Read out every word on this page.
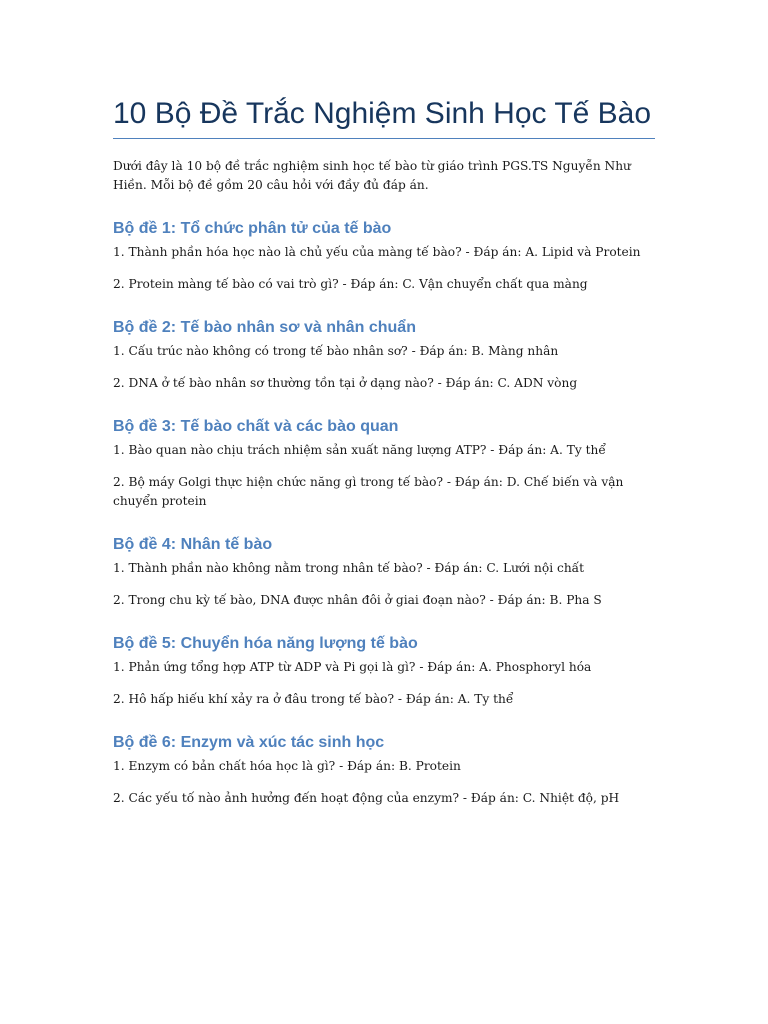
10 Bộ Đề Trắc Nghiệm Sinh Học Tế Bào

Dưới đây là 10 bộ đề trắc nghiệm sinh học tế bào từ giáo trình PGS.TS Nguyễn Như Hiền. Mỗi bộ đề gồm 20 câu hỏi với đầy đủ đáp án.

Bộ đề 1: Tổ chức phân tử của tế bào

1. Thành phần hóa học nào là chủ yếu của màng tế bào? - Đáp án: A. Lipid và Protein

2. Protein màng tế bào có vai trò gì? - Đáp án: C. Vận chuyển chất qua màng

Bộ đề 2: Tế bào nhân sơ và nhân chuẩn

1. Cấu trúc nào không có trong tế bào nhân sơ? - Đáp án: B. Màng nhân

2. DNA ở tế bào nhân sơ thường tồn tại ở dạng nào? - Đáp án: C. ADN vòng

Bộ đề 3: Tế bào chất và các bào quan

1. Bào quan nào chịu trách nhiệm sản xuất năng lượng ATP? - Đáp án: A. Ty thể

2. Bộ máy Golgi thực hiện chức năng gì trong tế bào? - Đáp án: D. Chế biến và vận chuyển protein

Bộ đề 4: Nhân tế bào

1. Thành phần nào không nằm trong nhân tế bào? - Đáp án: C. Lưới nội chất

2. Trong chu kỳ tế bào, DNA được nhân đôi ở giai đoạn nào? - Đáp án: B. Pha S

Bộ đề 5: Chuyển hóa năng lượng tế bào

1. Phản ứng tổng hợp ATP từ ADP và Pi gọi là gì? - Đáp án: A. Phosphoryl hóa

2. Hô hấp hiếu khí xảy ra ở đâu trong tế bào? - Đáp án: A. Ty thể

Bộ đề 6: Enzym và xúc tác sinh học

1. Enzym có bản chất hóa học là gì? - Đáp án: B. Protein

2. Các yếu tố nào ảnh hưởng đến hoạt động của enzym? - Đáp án: C. Nhiệt độ, pH
